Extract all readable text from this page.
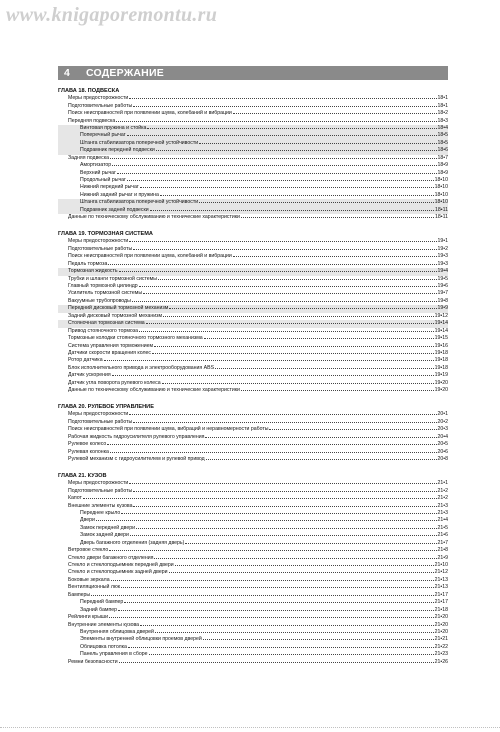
www.knigaporemontu.ru
4	СОДЕРЖАНИЕ
ГЛАВА 18. ПОДВЕСКА
Меры предосторожности	18•1
Подготовительные работы	18•1
Поиск неисправностей при появлении шума, колебаний и вибрации	18•2
Передняя подвеска	18•3
Винтовая пружина и стойка	18•4
Поперечный рычаг	18•5
Штанга стабилизатора поперечной устойчивости	18•5
Подрамник передней подвески	18•6
Задняя подвеска	18•7
Амортизатор	18•9
Верхний рычаг	18•9
Продольный рычаг	18•10
Нижний передний рычаг	18•10
Нижний задний рычаг и пружина	18•10
Штанга стабилизатора поперечной устойчивости	18•10
Подрамник задней подвески	18•11
Данные по техническому обслуживанию и технические характеристики	18•11
ГЛАВА 19. ТОРМОЗНАЯ СИСТЕМА
Меры предосторожности	19•1
Подготовительные работы	19•2
Поиск неисправностей при появлении шума, колебаний и вибрации	19•3
Педаль тормоза	19•3
Тормозная жидкость	19•4
Трубки и шланги тормозной системы	19•5
Главный тормозной цилиндр	19•6
Усилитель тормозной системы	19•7
Вакуумные трубопроводы	19•8
Передний дисковый тормозной механизм	19•9
Задний дисковый тормозной механизм	19•12
Стояночная тормозная система	19•14
Привод стояночного тормоза	19•14
Тормозные колодки стояночного тормозного механизма	19•15
Система управления торможением	19•16
Датчики скорости вращения колес	19•18
Ротор датчика	19•18
Блок исполнительного привода и электрооборудования ABS	19•18
Датчик ускорения	19•19
Датчик угла поворота рулевого колеса	19•20
Данные по техническому обслуживанию и технические характеристики	19•20
ГЛАВА 20. РУЛЕВОЕ УПРАВЛЕНИЕ
Меры предосторожности	20•1
Подготовительные работы	20•2
Поиск неисправностей при появлении шума, вибраций и неравномерности работы	20•3
Рабочая жидкость гидроусилителя рулевого управления	20•4
Рулевое колесо	20•5
Рулевая колонка	20•6
Рулевой механизм с гидроусилителем и рулевой привод	20•8
ГЛАВА 21. КУЗОВ
Меры предосторожности	21•1
Подготовительные работы	21•2
Капот	21•2
Внешние элементы кузова	21•3
Переднее крыло	21•3
Двери	21•4
Замок передней двери	21•5
Замок задней двери	21•6
Дверь багажного отделения (задняя дверь)	21•7
Ветровое стекло	21•8
Стекло двери багажного отделения	21•9
Стекло и стеклоподъемник передней двери	21•10
Стекло и стеклоподъемник задней двери	21•12
Боковые зеркала	21•13
Вентиляционный люк	21•13
Бамперы	21•17
Передний бампер	21•17
Задний бампер	21•18
Рейлинги крыши	21•20
Внутренние элементы кузова	21•20
Внутренняя облицовка дверей	21•20
Элементы внутренней облицовки проемов дверей	21•21
Облицовка потолка	21•22
Панель управления в сборе	21•23
Ремни безопасности	21•26
